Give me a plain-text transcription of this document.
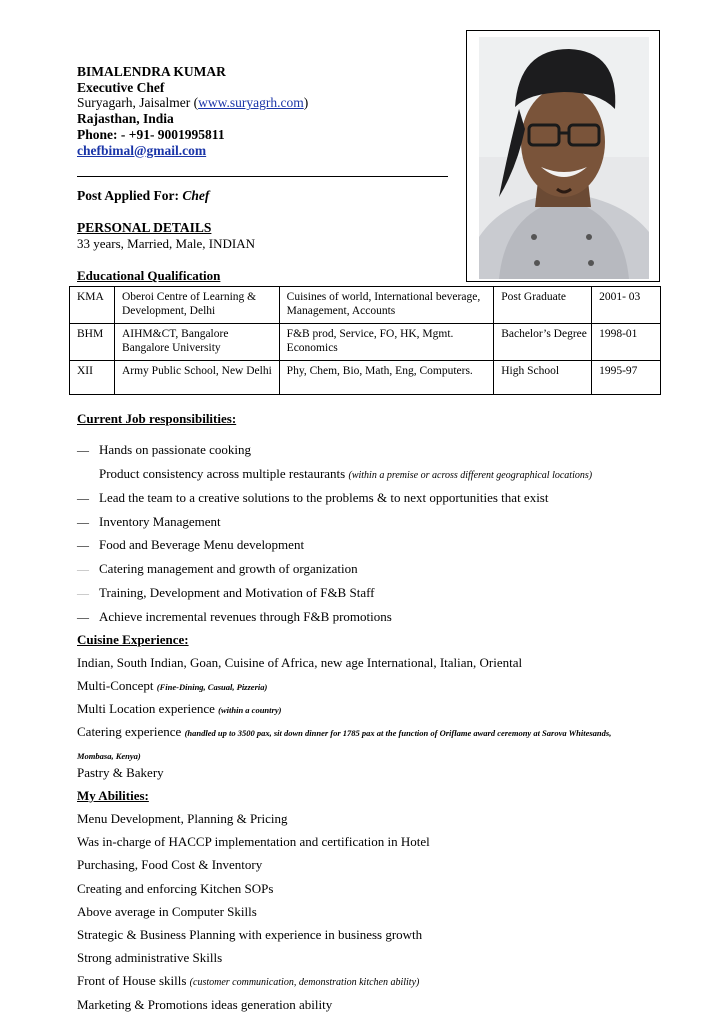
BIMALENDRA KUMAR
Executive Chef
Suryagarh, Jaisalmer (www.suryagrh.com)
Rajasthan, India
Phone: - +91- 9001995811
chefbimal@gmail.com
Post Applied For: Chef
PERSONAL DETAILS
33 years, Married, Male, INDIAN
Educational Qualification
KMA	Oberoi Centre of Learning & Development, Delhi	Cuisines of world, International beverage, Management, Accounts	Post Graduate	2001- 03
BHM	AIHM&CT, Bangalore Bangalore University	F&B prod, Service, FO, HK, Mgmt. Economics	Bachelor’s Degree	1998-01
XII	Army Public School, New Delhi	Phy, Chem, Bio, Math, Eng, Computers.	High School	1995-97
Current Job responsibilities:
— Hands on passionate cooking
Product consistency across multiple restaurants (within a premise or across different geographical locations)
— Lead the team to a creative solutions to the problems & to next opportunities that exist
— Inventory Management
— Food and Beverage Menu development
— Catering management and growth of organization
— Training, Development and Motivation of F&B Staff
— Achieve incremental revenues through F&B promotions
Cuisine Experience:
Indian, South Indian, Goan, Cuisine of Africa, new age International, Italian, Oriental
Multi-Concept (Fine-Dining, Casual, Pizzeria)
Multi Location experience (within a country)
Catering experience (handled up to 3500 pax, sit down dinner for 1785 pax at the function of Oriflame award ceremony at Sarova Whitesands,
Mombasa, Kenya)
Pastry & Bakery
My Abilities:
Menu Development, Planning & Pricing
Was in-charge of HACCP implementation and certification in Hotel
Purchasing, Food Cost & Inventory
Creating and enforcing Kitchen SOPs
Above average in Computer Skills
Strategic & Business Planning with experience in business growth
Strong administrative Skills
Front of House skills (customer communication, demonstration kitchen ability)
Marketing & Promotions ideas generation ability
